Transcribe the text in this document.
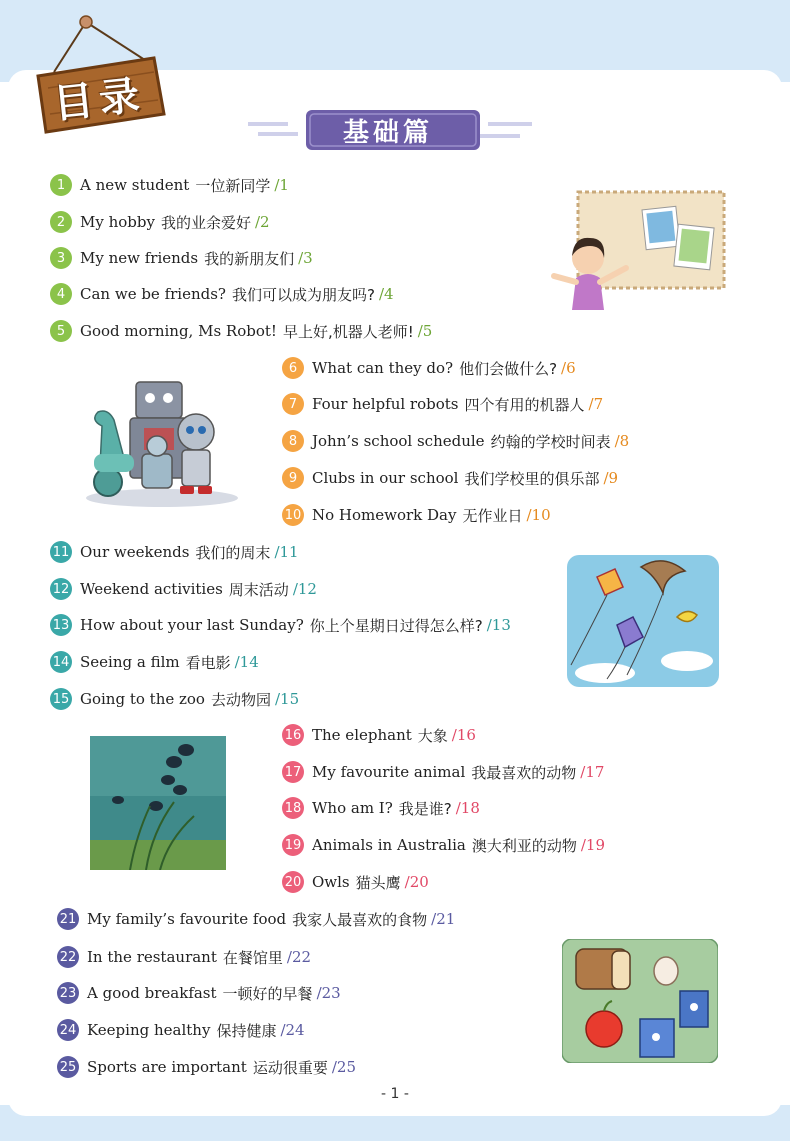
目录
基础篇
1 A new student 一位新同学 /1
2 My hobby 我的业余爱好 /2
3 My new friends 我的新朋友们 /3
4 Can we be friends? 我们可以成为朋友吗? /4
5 Good morning, Ms Robot! 早上好,机器人老师! /5
6 What can they do? 他们会做什么? /6
7 Four helpful robots 四个有用的机器人 /7
8 John’s school schedule 约翰的学校时间表 /8
9 Clubs in our school 我们学校里的俱乐部 /9
10 No Homework Day 无作业日 /10
11 Our weekends 我们的周末 /11
12 Weekend activities 周末活动 /12
13 How about your last Sunday? 你上个星期日过得怎么样? /13
14 Seeing a film 看电影 /14
15 Going to the zoo 去动物园 /15
16 The elephant 大象 /16
17 My favourite animal 我最喜欢的动物 /17
18 Who am I? 我是谁? /18
19 Animals in Australia 澳大利亚的动物 /19
20 Owls 猫头鹰 /20
21 My family’s favourite food 我家人最喜欢的食物 /21
22 In the restaurant 在餐馆里 /22
23 A good breakfast 一顿好的早餐 /23
24 Keeping healthy 保持健康 /24
25 Sports are important 运动很重要 /25
- 1 -
